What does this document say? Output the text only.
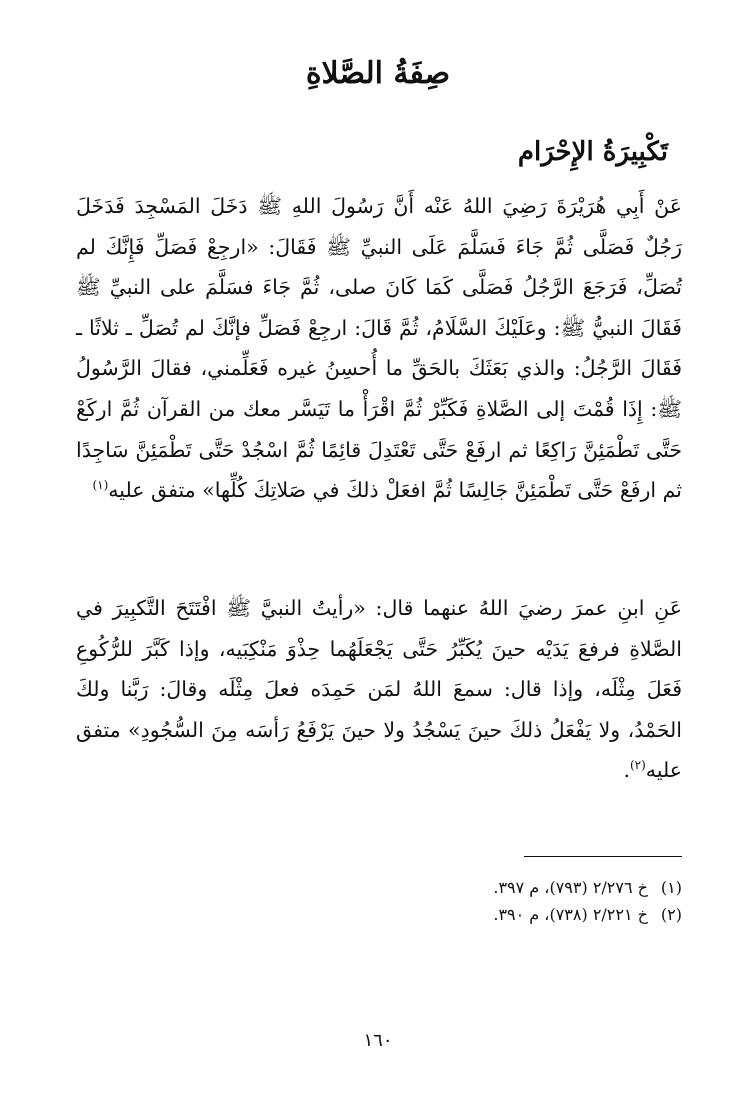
صِفَةُ الصَّلاةِ
تَكْبِيرَةُ الإِحْرَام

عَنْ أَبِي هُرَيْرَةَ رَضِيَ اللهُ عَنْه أَنَّ رَسُولَ اللهِ ﷺ دَخَلَ المَسْجِدَ فَدَخَلَ رَجُلٌ فَصَلَّى ثُمَّ جَاءَ فَسَلَّمَ عَلَى النبيِّ ﷺ فَقَالَ: «ارجِعْ فَصَلِّ فَإِنَّكَ لم تُصَلِّ، فَرَجَعَ الرَّجُلُ فَصَلَّى كَمَا كَانَ صلى، ثُمَّ جَاءَ فسَلَّمَ على النبيِّ ﷺ فَقَالَ النبيُّ ﷺ: وعَلَيْكَ السَّلَامُ، ثُمَّ قَالَ: ارجِعْ فَصَلِّ فإنَّكَ لم تُصَلِّ ـ ثلاثًا ـ فَقَالَ الرَّجُلُ: والذي بَعَثَكَ بالحَقِّ ما أُحسِنُ غيره فَعَلِّمني، فقالَ الرَّسُولُ ﷺ: إِذَا قُمْتَ إلى الصَّلاةِ فَكَبِّرْ ثُمَّ اقْرَأْ ما تَيَسَّر معك من القرآن ثُمَّ اركَعْ حَتَّى تَطْمَئِنَّ رَاكِعًا ثم ارفَعْ حَتَّى تَعْتَدِلَ قائِمًا ثُمَّ اسْجُدْ حَتَّى تَطْمَئِنَّ سَاجِدًا ثم ارفَعْ حَتَّى تَطْمَئِنَّ جَالِسًا ثُمَّ افعَلْ ذلكَ في صَلاتِكَ كُلِّها» متفق عليه$^{(١)}$

عَنِ ابنِ عمرَ رضيَ اللهُ عنهما قال: «رأيتُ النبيَّ ﷺ افْتَتَحَ التَّكبِيرَ في الصَّلاةِ فرفعَ يَدَيْه حينَ يُكَبِّرُ حَتَّى يَجْعَلَهُما حِذْوَ مَنْكِبَيه، وإذا كَبَّرَ للرُّكُوعِ فَعَلَ مِثْلَه، وإذا قال: سمعَ اللهُ لمَن حَمِدَه فعلَ مِثْلَه وقالَ: رَبَّنا ولكَ الحَمْدُ، ولا يَفْعَلُ ذلكَ حينَ يَسْجُدُ ولا حينَ يَرْفَعُ رَأسَه مِنَ السُّجُودِ» متفق عليه$^{(٢)}$.

(١)خ ٢/٢٧٦ (٧٩٣)، م ٣٩٧.
(٢)خ ٢/٢٢١ (٧٣٨)، م ٣٩٠.
١٦٠
